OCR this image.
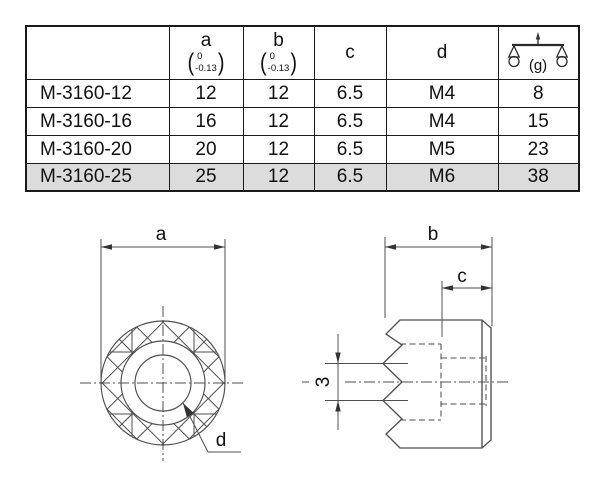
	a
( 0
-0.13 )	b
( 0
-0.13 )	c	d	(g)

M-3160-12	12	12	6.5	M4	8
M-3160-16	16	12	6.5	M4	15
M-3160-20	20	12	6.5	M5	23
M-3160-25	25	12	6.5	M6	38
a
d
b
c
3
